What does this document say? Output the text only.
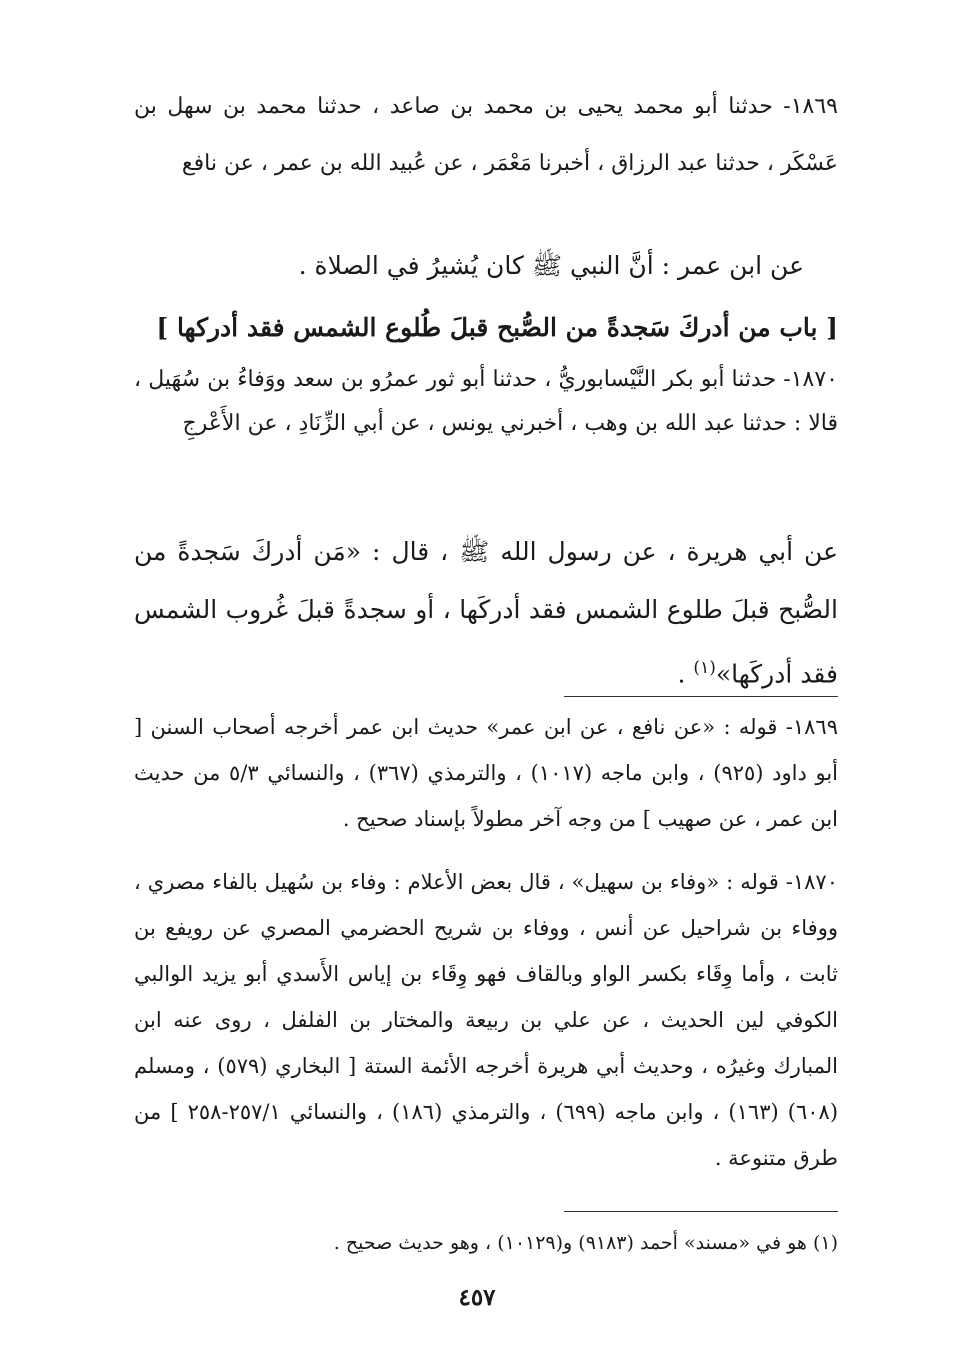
١٨٦٩- حدثنا أبو محمد يحيى بن محمد بن صاعد ، حدثنا محمد بن سهل بن عَسْكَر ، حدثنا عبد الرزاق ، أخبرنا مَعْمَر ، عن عُبيد الله بن عمر ، عن نافع

عن ابن عمر : أنَّ النبي ﷺ كان يُشيرُ في الصلاة .

[ باب من أدركَ سَجدةً من الصُّبح قبلَ طُلوع الشمس فقد أدركها ]

١٨٧٠- حدثنا أبو بكر النَّيْسابوريُّ ، حدثنا أبو ثور عمرُو بن سعد ووَفاءُ بن سُهَيل ، قالا : حدثنا عبد الله بن وهب ، أخبرني يونس ، عن أبي الزِّنَادِ ، عن الأَعْرجِ

عن أبي هريرة ، عن رسول الله ﷺ ، قال : «مَن أدركَ سَجدةً من الصُّبح قبلَ طلوع الشمس فقد أدركَها ، أو سجدةً قبلَ غُروب الشمس فقد أدركَها»$^{(١)}$ .

١٨٦٩- قوله : «عن نافع ، عن ابن عمر» حديث ابن عمر أخرجه أصحاب السنن [ أبو داود (٩٢٥) ، وابن ماجه (١٠١٧) ، والترمذي (٣٦٧) ، والنسائي ٥/٣ من حديث ابن عمر ، عن صهيب ] من وجه آخر مطولاً بإسناد صحيح .

١٨٧٠- قوله : «وفاء بن سهيل» ، قال بعض الأعلام : وفاء بن سُهيل بالفاء مصري ، ووفاء بن شراحيل عن أنس ، ووفاء بن شريح الحضرمي المصري عن رويفع بن ثابت ، وأما وِقَاء بكسر الواو وبالقاف فهو وِقَاء بن إياس الأَسدي أبو يزيد الوالبي الكوفي لين الحديث ، عن علي بن ربيعة والمختار بن الفلفل ، روى عنه ابن المبارك وغيرُه ، وحديث أبي هريرة أخرجه الأئمة الستة [ البخاري (٥٧٩) ، ومسلم (٦٠٨) (١٦٣) ، وابن ماجه (٦٩٩) ، والترمذي (١٨٦) ، والنسائي ٢٥٧/١-٢٥٨ ] من طرق متنوعة .

(١) هو في «مسند» أحمد (٩١٨٣) و(١٠١٢٩) ، وهو حديث صحيح .

٤٥٧
